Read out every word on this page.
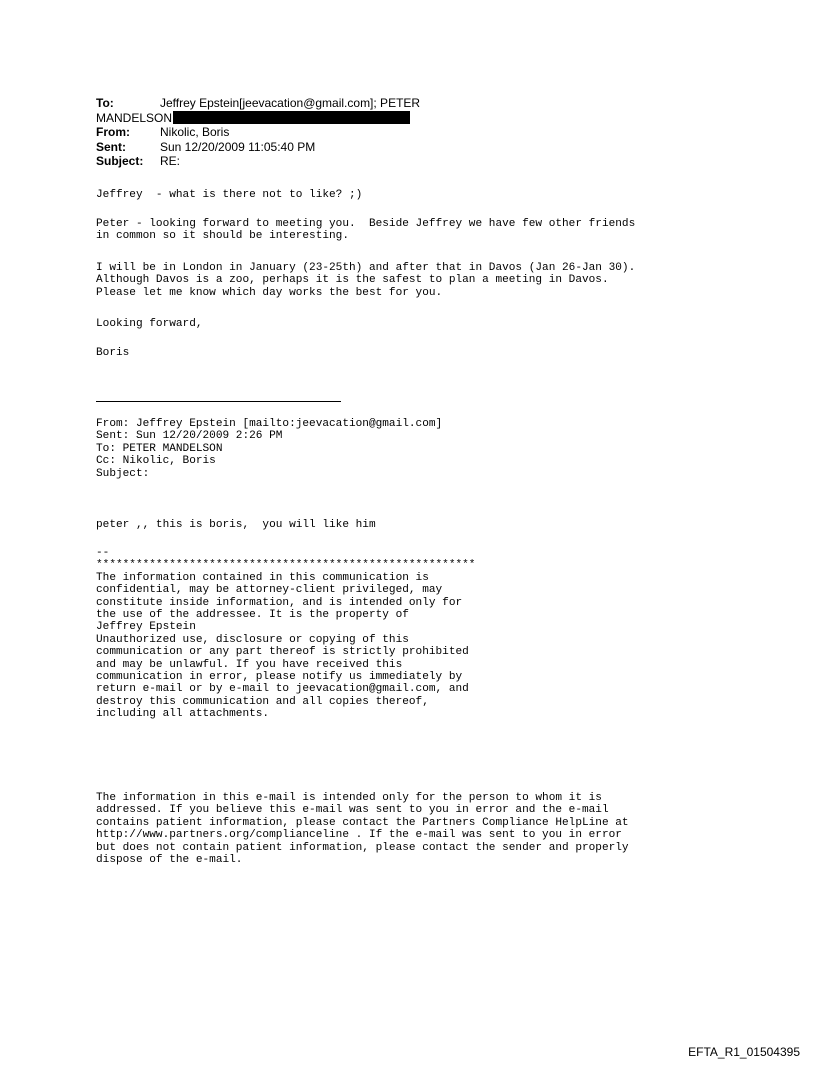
To:	Jeffrey Epstein[jeevacation@gmail.com]; PETER
MANDELSON
From:	Nikolic, Boris
Sent:	Sun 12/20/2009 11:05:40 PM
Subject: RE:
Jeffrey  - what is there not to like? ;)
Peter - looking forward to meeting you.  Beside Jeffrey we have few other friends
in common so it should be interesting.
I will be in London in January (23-25th) and after that in Davos (Jan 26-Jan 30).
Although Davos is a zoo, perhaps it is the safest to plan a meeting in Davos.
Please let me know which day works the best for you.
Looking forward,
Boris
From: Jeffrey Epstein [mailto:jeevacation@gmail.com]
Sent: Sun 12/20/2009 2:26 PM
To: PETER MANDELSON
Cc: Nikolic, Boris
Subject:
peter ,, this is boris,  you will like him
--
*********************************************************
The information contained in this communication is
confidential, may be attorney-client privileged, may
constitute inside information, and is intended only for
the use of the addressee. It is the property of
Jeffrey Epstein
Unauthorized use, disclosure or copying of this
communication or any part thereof is strictly prohibited
and may be unlawful. If you have received this
communication in error, please notify us immediately by
return e-mail or by e-mail to jeevacation@gmail.com, and
destroy this communication and all copies thereof,
including all attachments.
The information in this e-mail is intended only for the person to whom it is
addressed. If you believe this e-mail was sent to you in error and the e-mail
contains patient information, please contact the Partners Compliance HelpLine at
http://www.partners.org/complianceline . If the e-mail was sent to you in error
but does not contain patient information, please contact the sender and properly
dispose of the e-mail.
EFTA_R1_01504395
